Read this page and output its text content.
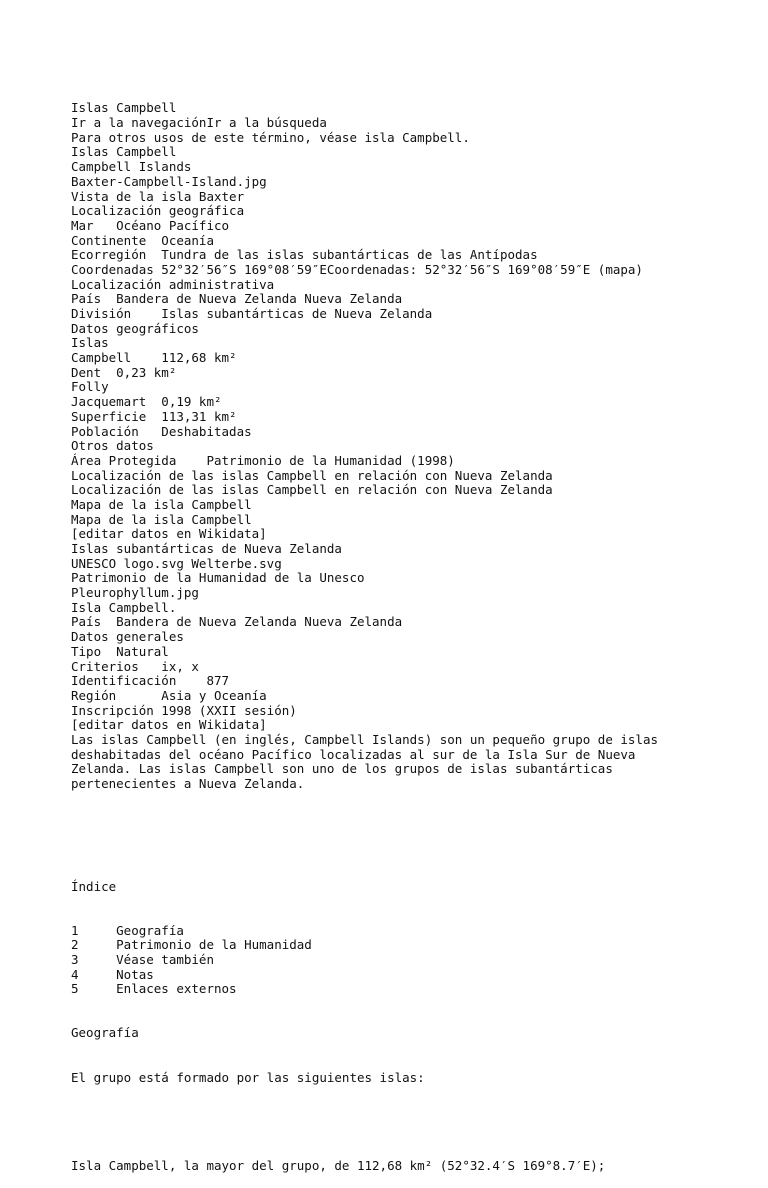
Islas Campbell
Ir a la navegaciónIr a la búsqueda
Para otros usos de este término, véase isla Campbell.
Islas Campbell
Campbell Islands
Baxter-Campbell-Island.jpg
Vista de la isla Baxter
Localización geográfica
Mar   Océano Pacífico
Continente  Oceanía
Ecorregión  Tundra de las islas subantárticas de las Antípodas
Coordenadas 52°32′56″S 169°08′59″ECoordenadas: 52°32′56″S 169°08′59″E (mapa)
Localización administrativa
País  Bandera de Nueva Zelanda Nueva Zelanda
División    Islas subantárticas de Nueva Zelanda
Datos geográficos
Islas
Campbell    112,68 km²
Dent  0,23 km²
Folly
Jacquemart  0,19 km²
Superficie  113,31 km²
Población   Deshabitadas
Otros datos
Área Protegida    Patrimonio de la Humanidad (1998)
Localización de las islas Campbell en relación con Nueva Zelanda
Localización de las islas Campbell en relación con Nueva Zelanda
Mapa de la isla Campbell
Mapa de la isla Campbell
[editar datos en Wikidata]
Islas subantárticas de Nueva Zelanda
UNESCO logo.svg Welterbe.svg
Patrimonio de la Humanidad de la Unesco
Pleurophyllum.jpg
Isla Campbell.
País  Bandera de Nueva Zelanda Nueva Zelanda
Datos generales
Tipo  Natural
Criterios   ix, x
Identificación    877
Región      Asia y Oceanía
Inscripción 1998 (XXII sesión)
[editar datos en Wikidata]
Las islas Campbell (en inglés, Campbell Islands) son un pequeño grupo de islas
deshabitadas del océano Pacífico localizadas al sur de la Isla Sur de Nueva
Zelanda. Las islas Campbell son uno de los grupos de islas subantárticas
pertenecientes a Nueva Zelanda.

Índice

1     Geografía
2     Patrimonio de la Humanidad
3     Véase también
4     Notas
5     Enlaces externos

Geografía

El grupo está formado por las siguientes islas:

Isla Campbell, la mayor del grupo, de 112,68 km² (52°32.4′S 169°8.7′E);
